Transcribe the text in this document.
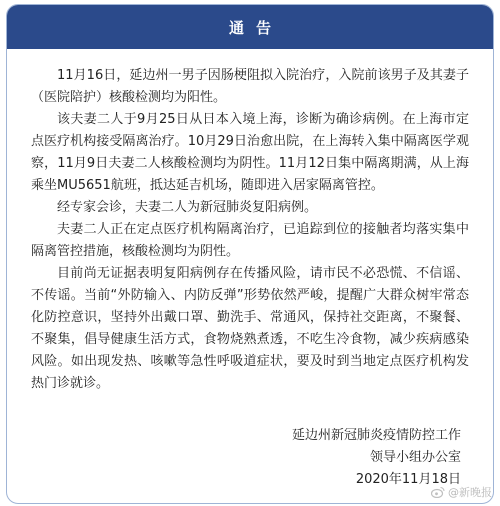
通告

11月16日，延边州一男子因肠梗阻拟入院治疗，入院前该男子及其妻子（医院陪护）核酸检测均为阳性。

该夫妻二人于9月25日从日本入境上海，诊断为确诊病例。在上海市定点医疗机构接受隔离治疗。10月29日治愈出院，在上海转入集中隔离医学观察，11月9日夫妻二人核酸检测均为阴性。11月12日集中隔离期满，从上海乘坐MU5651航班，抵达延吉机场，随即进入居家隔离管控。

经专家会诊，夫妻二人为新冠肺炎复阳病例。

夫妻二人正在定点医疗机构隔离治疗，已追踪到位的接触者均落实集中隔离管控措施，核酸检测均为阴性。

目前尚无证据表明复阳病例存在传播风险，请市民不必恐慌、不信谣、不传谣。当前“外防输入、内防反弹”形势依然严峻，提醒广大群众树牢常态化防控意识，坚持外出戴口罩、勤洗手、常通风，保持社交距离，不聚餐、不聚集，倡导健康生活方式，食物烧熟煮透，不吃生冷食物，减少疾病感染风险。如出现发热、咳嗽等急性呼吸道症状，要及时到当地定点医疗机构发热门诊就诊。

延边州新冠肺炎疫情防控工作
领导小组办公室
2020年11月18日
@新晚报
